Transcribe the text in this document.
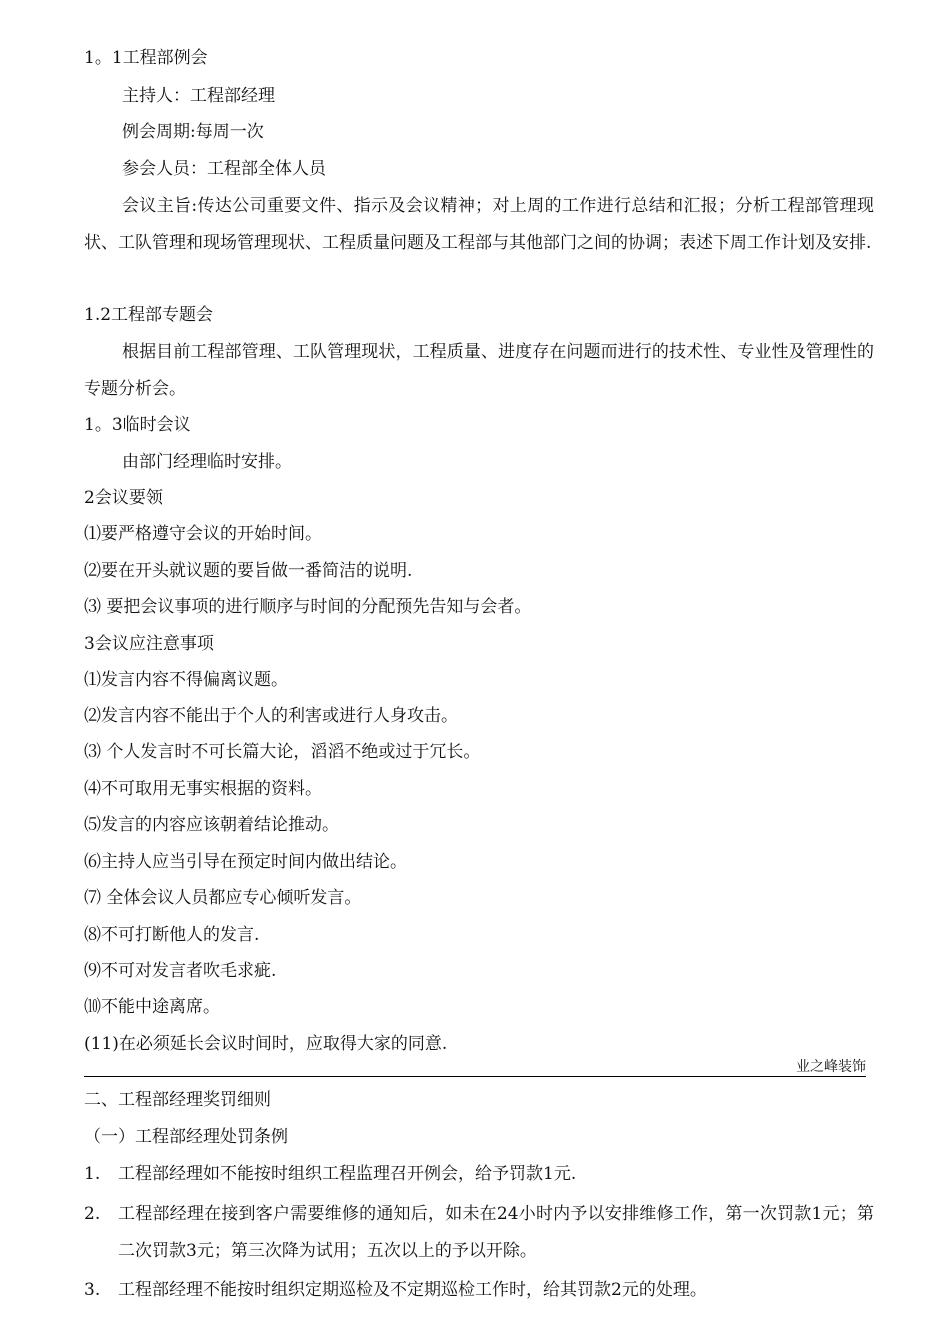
1。1工程部例会
主持人：工程部经理
例会周期:每周一次
参会人员：工程部全体人员
会议主旨:传达公司重要文件、指示及会议精神；对上周的工作进行总结和汇报；分析工程部管理现状、工队管理和现场管理现状、工程质量问题及工程部与其他部门之间的协调；表述下周工作计划及安排.
1.2工程部专题会
根据目前工程部管理、工队管理现状，工程质量、进度存在问题而进行的技术性、专业性及管理性的专题分析会。
1。3临时会议
由部门经理临时安排。
2会议要领
⑴要严格遵守会议的开始时间。
⑵要在开头就议题的要旨做一番简洁的说明.
⑶ 要把会议事项的进行顺序与时间的分配预先告知与会者。
3会议应注意事项
⑴发言内容不得偏离议题。
⑵发言内容不能出于个人的利害或进行人身攻击。
⑶ 个人发言时不可长篇大论，滔滔不绝或过于冗长。
⑷不可取用无事实根据的资料。
⑸发言的内容应该朝着结论推动。
⑹主持人应当引导在预定时间内做出结论。
⑺ 全体会议人员都应专心倾听发言。
⑻不可打断他人的发言.
⑼不可对发言者吹毛求疵.
⑽不能中途离席。
(11)在必须延长会议时间时，应取得大家的同意.
业之峰装饰
二、工程部经理奖罚细则
（一）工程部经理处罚条例
1.	工程部经理如不能按时组织工程监理召开例会，给予罚款1元.
2.	工程部经理在接到客户需要维修的通知后，如未在24小时内予以安排维修工作，第一次罚款1元；第二次罚款3元；第三次降为试用；五次以上的予以开除。
3.	工程部经理不能按时组织定期巡检及不定期巡检工作时，给其罚款2元的处理。
